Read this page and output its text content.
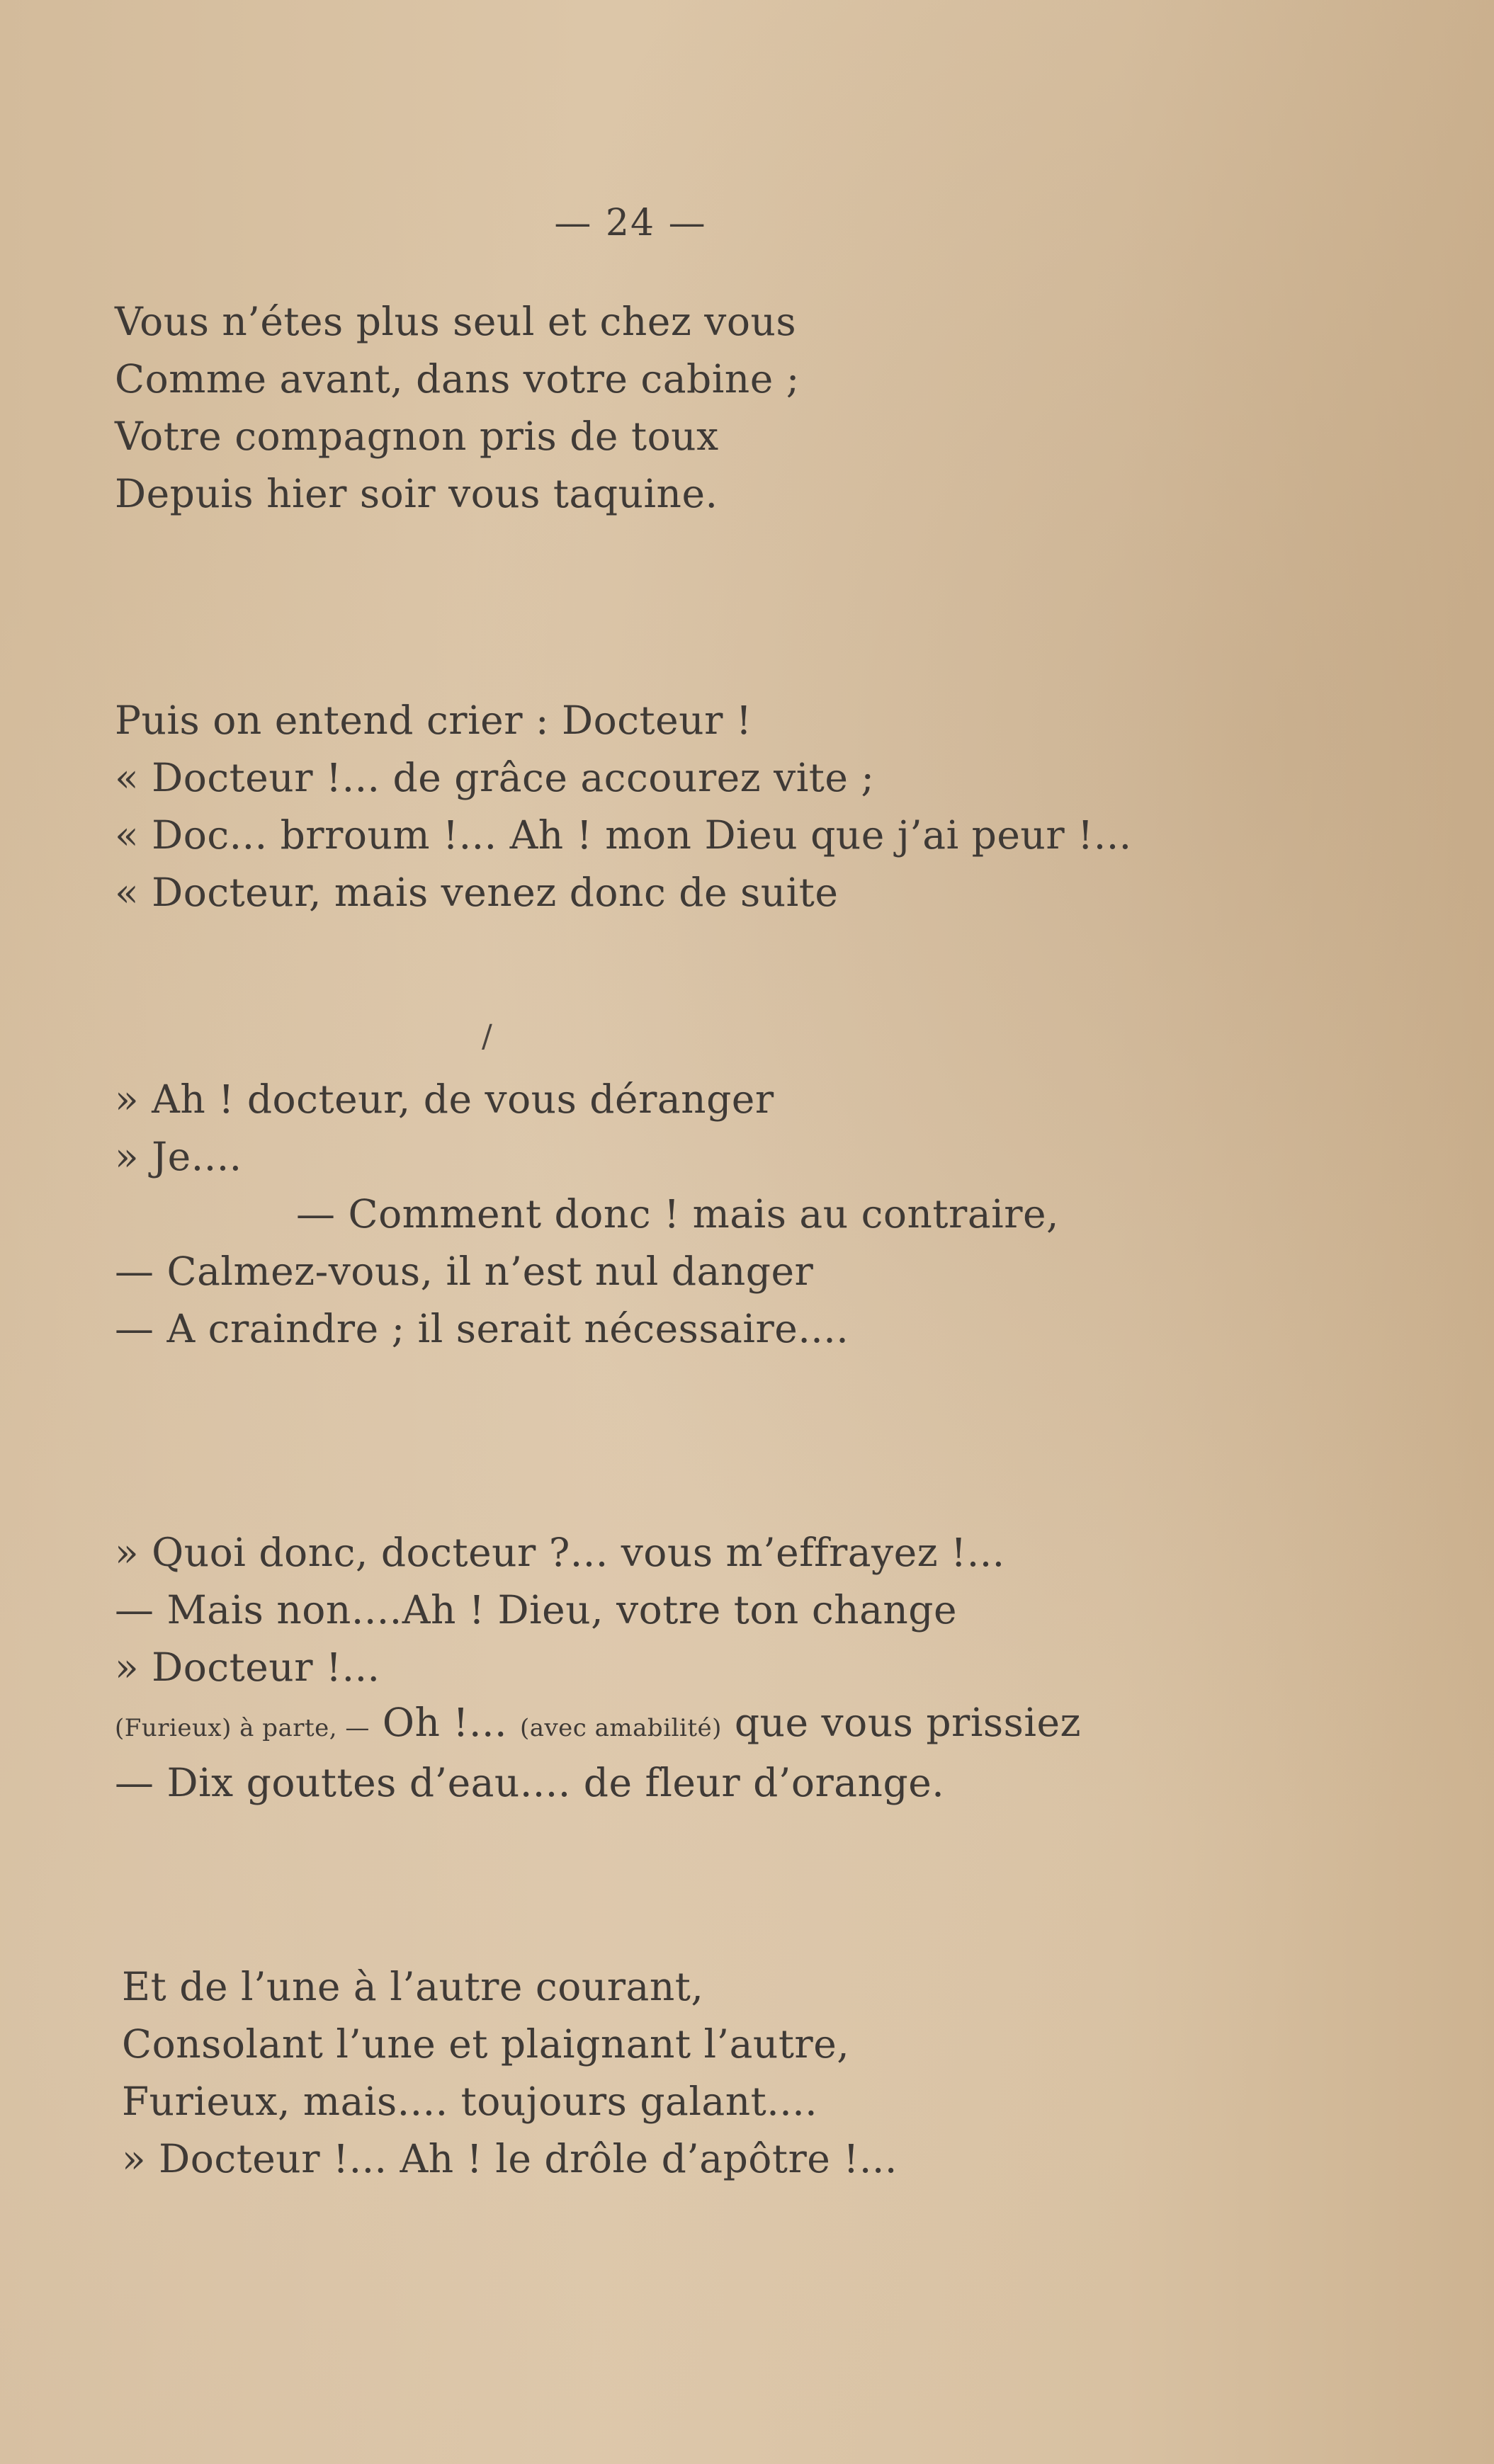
— 24 —
Vous n’étes plus seul et chez vous
Comme avant, dans votre cabine ;
Votre compagnon pris de toux
Depuis hier soir vous taquine.
Puis on entend crier : Docteur !
« Docteur !... de grâce accourez vite ;
« Doc... brroum !... Ah ! mon Dieu que j’ai peur !...
« Docteur, mais venez donc de suite
/
» Ah ! docteur, de vous déranger
» Je....
— Comment donc ! mais au contraire,
— Calmez-vous, il n’est nul danger
— A craindre ; il serait nécessaire....
» Quoi donc, docteur ?... vous m’effrayez !...
— Mais non....Ah ! Dieu, votre ton change
» Docteur !...
(Furieux) à parte, — Oh !... (avec amabilité) que vous prissiez
— Dix gouttes d’eau.... de fleur d’orange.
Et de l’une à l’autre courant,
Consolant l’une et plaignant l’autre,
Furieux, mais.... toujours galant....
» Docteur !... Ah ! le drôle d’apôtre !...
